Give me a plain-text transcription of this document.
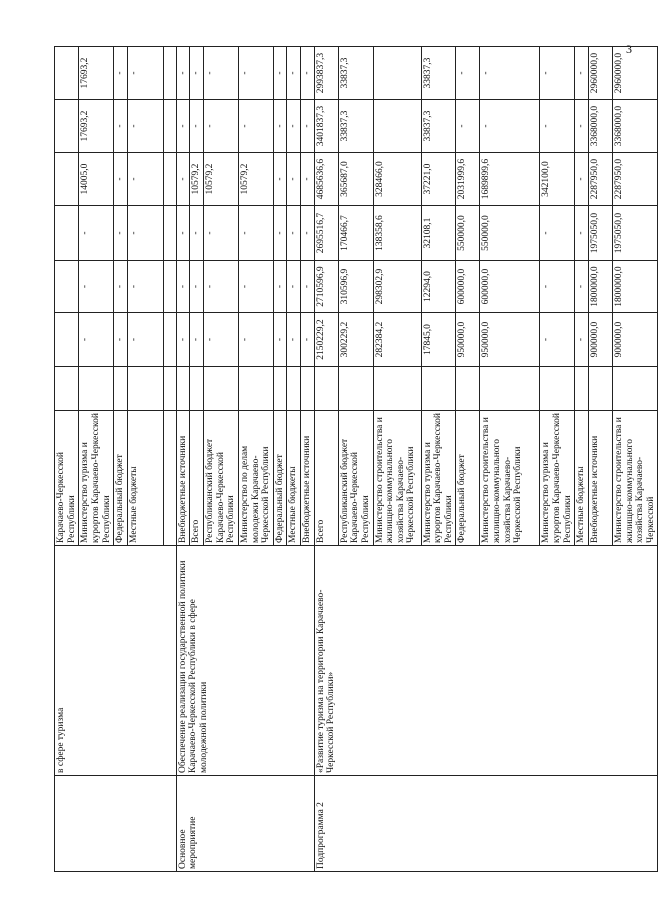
3
	в сфере туризма	Карачаево-Черкесской Республики							
		Министерство туризма и курортов Карачаево-Черкесской Республики		-	-	-	14005,0	17693,2	17693,2
		Федеральный бюджет		-	-	-	-	-	-
		Местные бюджеты		-	-	-	-	-	-

Основное мероприятие	Обеспечение реализации государственной политики Карачаево-Черкесской Республики в сфере молодежной политики	Внебюджетные источники		-	-	-	-	-	-
		Всего		-	-	-	10579,2	-	-
		Республиканский бюджет Карачаево-Черкесской Республики		-	-	-	10579,2	-	-
		Министерство по делам молодежи Карачаево-Черкесской Республики		-	-	-	10579,2	-	-
		Федеральный бюджет		-	-	-	-	-	-
		Местные бюджеты		-	-	-	-	-	-
		Внебюджетные источники		-	-	-	-	-	-
Подпрограмма 2	«Развитие туризма на территории Карачаево-Черкесской Республики»	Всего		2150229,2	2710596,9	2695516,7	4685636,6	3401837,3	2993837,3
		Республиканский бюджет Карачаево-Черкесской Республики		300229,2	310596,9	170466,7	365687,0	33837,3	33837,3
		Министерство строительства и жилищно-коммунального хозяйства Карачаево-Черкесской Республики		282384,2	298302,9	138358,6	328466,0		
		Министерство туризма и курортов Карачаево-Черкесской Республики		17845,0	12294,0	32108,1	37221,0	33837,3	33837,3
		Федеральный бюджет		950000,0	600000,0	550000,0	2031999,6	-	-
		Министерство строительства и жилищно-коммунального хозяйства Карачаево-Черкесской Республики		950000,0	600000,0	550000,0	1689899,6	-	-
		Министерство туризма и курортов Карачаево-Черкесской Республики		-	-	-	342100,0	-	-
		Местные бюджеты		-	-	-	-	-	-
		Внебюджетные источники		900000,0	1800000,0	1975050,0	2287950,0	3368000,0	2960000,0
		Министерство строительства и жилищно-коммунального хозяйства Карачаево-Черкесской		900000,0	1800000,0	1975050,0	2287950,0	3368000,0	2960000,0
